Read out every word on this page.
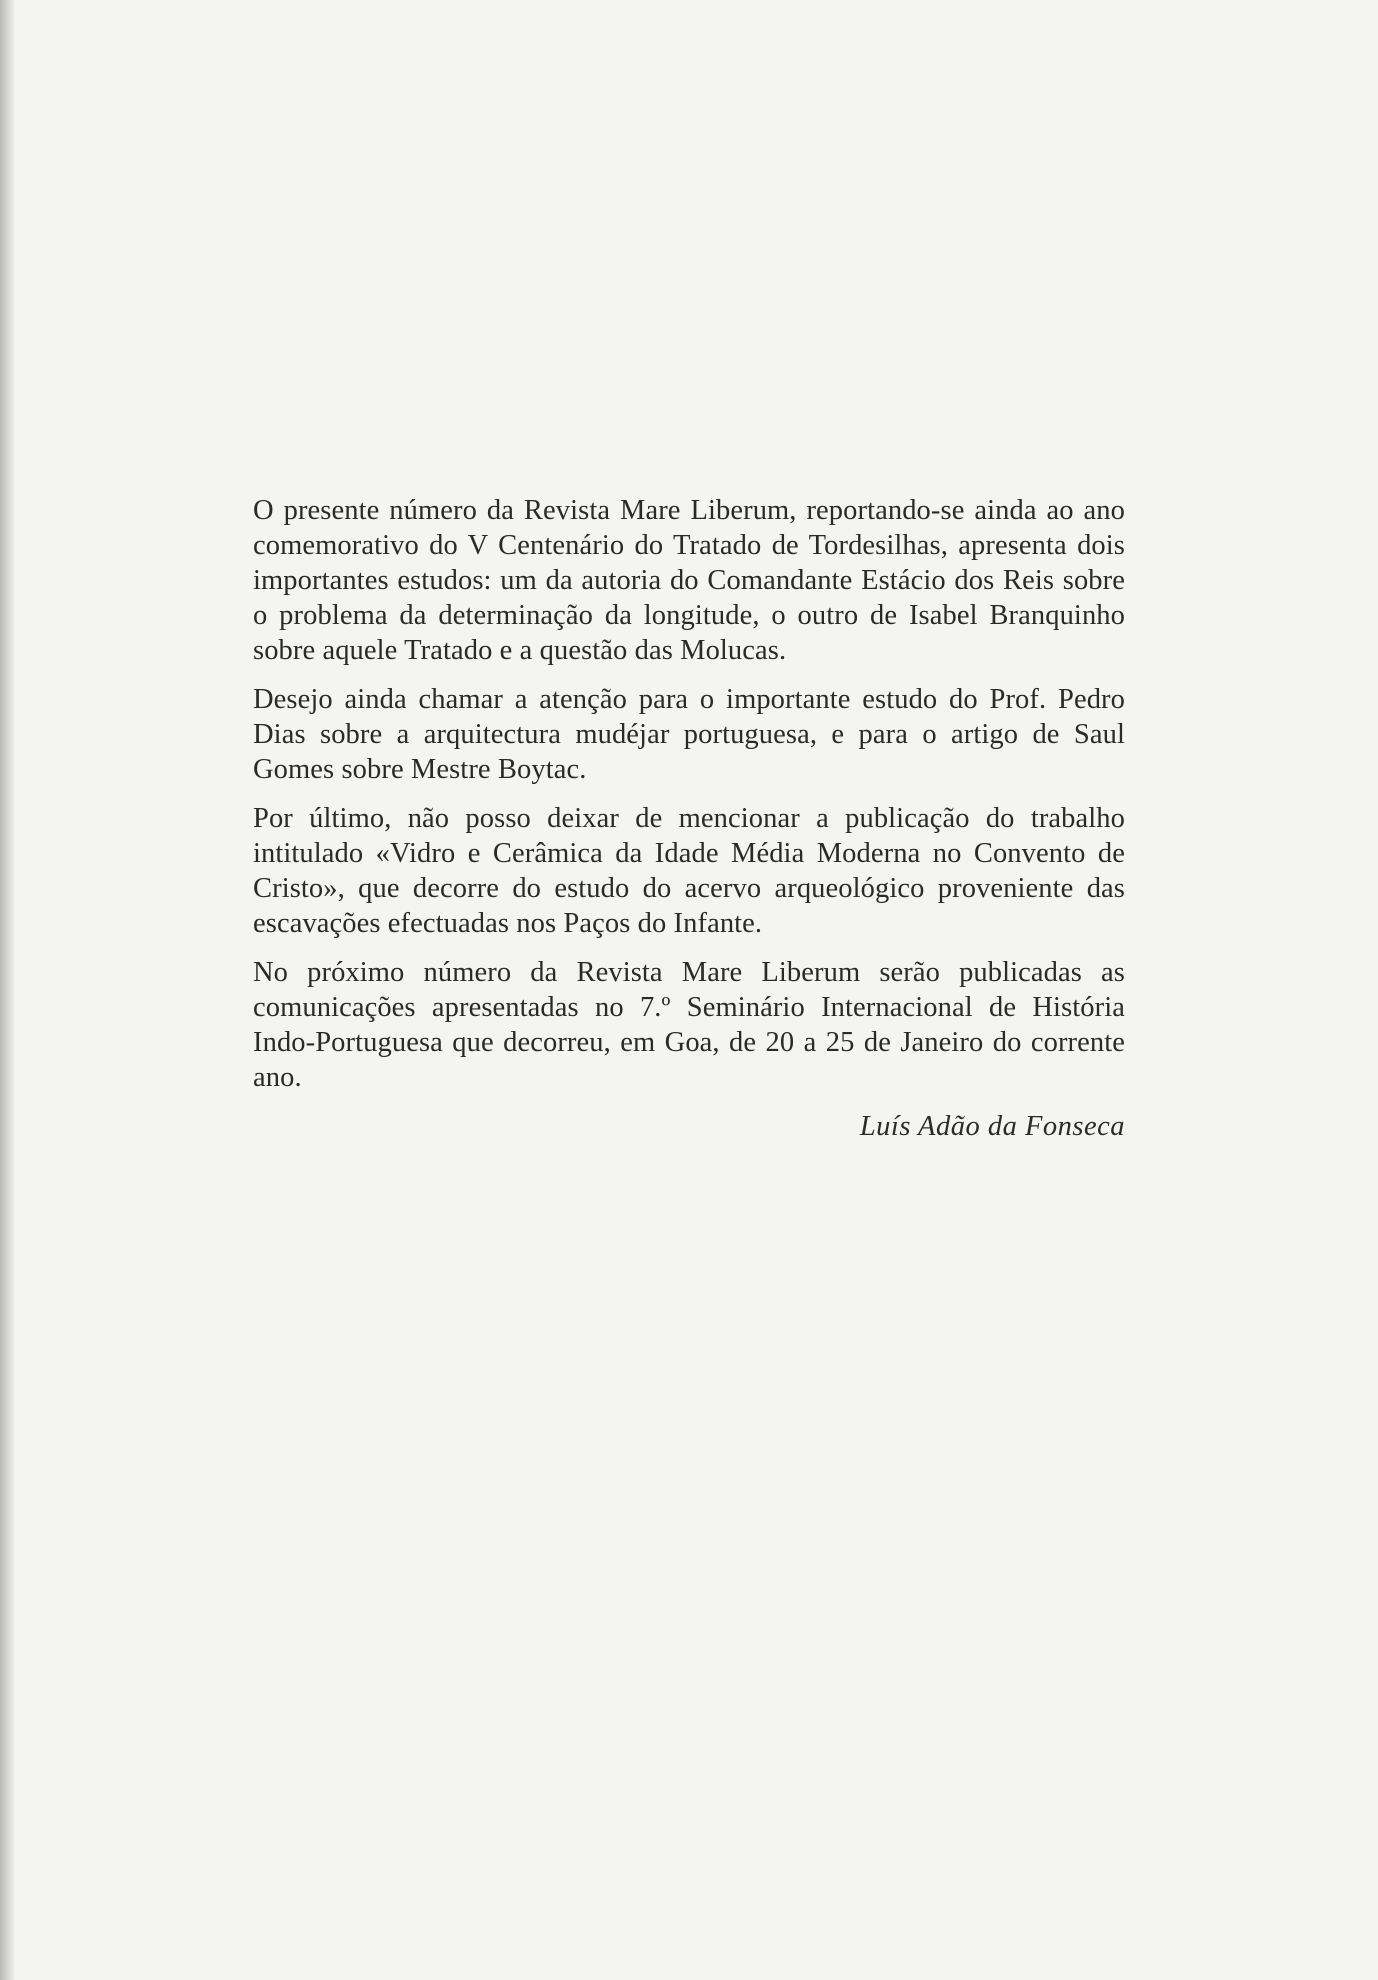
O presente número da Revista Mare Liberum, reportando-se ainda ao ano comemorativo do V Centenário do Tratado de Tordesilhas, apresenta dois importantes estudos: um da autoria do Comandante Estácio dos Reis sobre o problema da determinação da longitude, o outro de Isabel Branquinho sobre aquele Tratado e a questão das Molucas.

Desejo ainda chamar a atenção para o importante estudo do Prof. Pedro Dias sobre a arquitectura mudéjar portuguesa, e para o artigo de Saul Gomes sobre Mestre Boytac.

Por último, não posso deixar de mencionar a publicação do trabalho intitulado «Vidro e Cerâmica da Idade Média Moderna no Convento de Cristo», que decorre do estudo do acervo arqueológico proveniente das escavações efectuadas nos Paços do Infante.

No próximo número da Revista Mare Liberum serão publicadas as comunicações apresentadas no 7.º Seminário Internacional de História Indo-Portuguesa que decorreu, em Goa, de 20 a 25 de Janeiro do corrente ano.

Luís Adão da Fonseca
